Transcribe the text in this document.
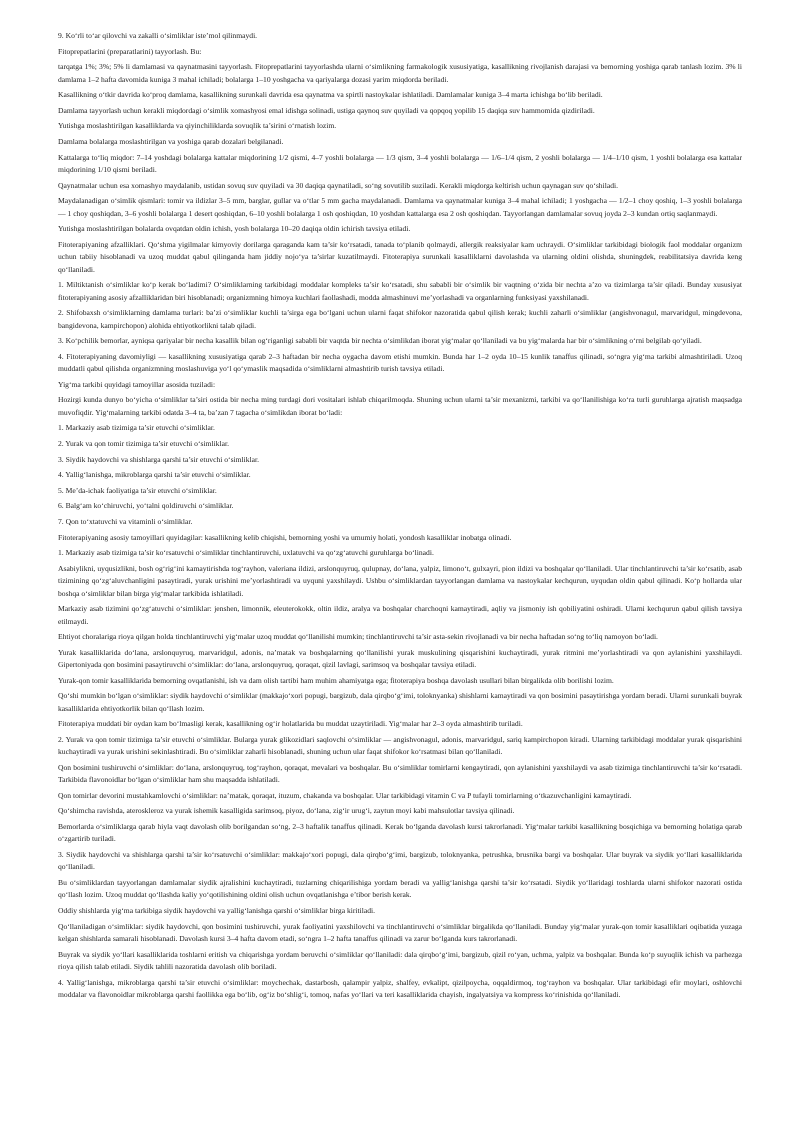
9. Ko‘rli to‘ar qilovchi va zakalli o‘simliklar iste’mol qilinmaydi.

Fitoprepatlarini (preparatlarini) tayyorlash. Bu:

tarqatga 1%; 3%; 5% li damlamasi va qaynatmasini tayyorlash. Fitoprepatlarini tayyorlashda ularni o‘simlikning farmakologik xususiyatiga, kasallikning rivojlanish darajasi va bemorning yoshiga qarab tanlash lozim. 3% li damlama 1–2 hafta davomida kuniga 3 mahal ichiladi; bolalarga 1–10 yoshgacha va qariyalarga dozasi yarim miqdorda beriladi.

Kasallikning o‘tkir davrida ko‘proq damlama, kasallikning surunkali davrida esa qaynatma va spirtli nastoykalar ishlatiladi. Damlamalar kuniga 3–4 marta ichishga bo‘lib beriladi.

Damlama tayyorlash uchun kerakli miqdordagi o‘simlik xomashyosi emal idishga solinadi, ustiga qaynoq suv quyiladi va qopqoq yopilib 15 daqiqa suv hammomida qizdiriladi.

Yutishga moslashtirilgan kasalliklarda va qiyinchiliklarda sovuqlik ta’sirini o‘rnatish lozim.

Damlama bolalarga moslashtirilgan va yoshiga qarab dozalari belgilanadi.

Kattalarga to‘liq miqdor: 7–14 yoshdagi bolalarga kattalar miqdorining 1/2 qismi, 4–7 yoshli bolalarga — 1/3 qism, 3–4 yoshli bolalarga — 1/6–1/4 qism, 2 yoshli bolalarga — 1/4–1/10 qism, 1 yoshli bolalarga esa kattalar miqdorining 1/10 qismi beriladi.

Qaynatmalar uchun esa xomashyo maydalanib, ustidan sovuq suv quyiladi va 30 daqiqa qaynatiladi, so‘ng sovutilib suziladi. Kerakli miqdorga keltirish uchun qaynagan suv qo‘shiladi.

Maydalanadigan o‘simlik qismlari: tomir va ildizlar 3–5 mm, barglar, gullar va o‘tlar 5 mm gacha maydalanadi. Damlama va qaynatmalar kuniga 3–4 mahal ichiladi; 1 yoshgacha — 1/2–1 choy qoshiq, 1–3 yoshli bolalarga — 1 choy qoshiqdan, 3–6 yoshli bolalarga 1 desert qoshiqdan, 6–10 yoshli bolalarga 1 osh qoshiqdan, 10 yoshdan kattalarga esa 2 osh qoshiqdan. Tayyorlangan damlamalar sovuq joyda 2–3 kundan ortiq saqlanmaydi.

Yutishga moslashtirilgan bolalarda ovqatdan oldin ichish, yosh bolalarga 10–20 daqiqa oldin ichirish tavsiya etiladi.

Fitoterapiyaning afzalliklari. Qo‘shma yigilmalar kimyoviy dorilarga qaraganda kam ta’sir ko‘rsatadi, tanada to‘planib qolmaydi, allergik reaksiyalar kam uchraydi. O‘simliklar tarkibidagi biologik faol moddalar organizm uchun tabiiy hisoblanadi va uzoq muddat qabul qilinganda ham jiddiy nojo‘ya ta’sirlar kuzatilmaydi. Fitoterapiya surunkali kasalliklarni davolashda va ularning oldini olishda, shuningdek, reabilitatsiya davrida keng qo‘llaniladi.

1. Miltiktanish o‘simliklar ko‘p kerak bo‘ladimi? O‘simliklarning tarkibidagi moddalar kompleks ta’sir ko‘rsatadi, shu sababli bir o‘simlik bir vaqtning o‘zida bir nechta a’zo va tizimlarga ta’sir qiladi. Bunday xususiyat fitoterapiyaning asosiy afzalliklaridan biri hisoblanadi; organizmning himoya kuchlari faollashadi, modda almashinuvi me’yorlashadi va organlarning funksiyasi yaxshilanadi.

2. Shifobaxsh o‘simliklarning damlama turlari: ba’zi o‘simliklar kuchli ta’sirga ega bo‘lgani uchun ularni faqat shifokor nazoratida qabul qilish kerak; kuchli zaharli o‘simliklar (angishvonagul, marvaridgul, mingdevona, bangidevona, kampirchopon) alohida ehtiyotkorlikni talab qiladi.

3. Ko‘pchilik bemorlar, ayniqsa qariyalar bir necha kasallik bilan og‘riganligi sababli bir vaqtda bir nechta o‘simlikdan iborat yig‘malar qo‘llaniladi va bu yig‘malarda har bir o‘simlikning o‘rni belgilab qo‘yiladi.

4. Fitoterapiyaning davomiyligi — kasallikning xususiyatiga qarab 2–3 haftadan bir necha oygacha davom etishi mumkin. Bunda har 1–2 oyda 10–15 kunlik tanaffus qilinadi, so‘ngra yig‘ma tarkibi almashtiriladi. Uzoq muddatli qabul qilishda organizmning moslashuviga yo‘l qo‘ymaslik maqsadida o‘simliklarni almashtirib turish tavsiya etiladi.

Yig‘ma tarkibi quyidagi tamoyillar asosida tuziladi:

Hozirgi kunda dunyo bo‘yicha o‘simliklar ta’siri ostida bir necha ming turdagi dori vositalari ishlab chiqarilmoqda. Shuning uchun ularni ta’sir mexanizmi, tarkibi va qo‘llanilishiga ko‘ra turli guruhlarga ajratish maqsadga muvofiqdir. Yig‘malarning tarkibi odatda 3–4 ta, ba’zan 7 tagacha o‘simlikdan iborat bo‘ladi:

1. Markaziy asab tizimiga ta’sir etuvchi o‘simliklar.

2. Yurak va qon tomir tizimiga ta’sir etuvchi o‘simliklar.

3. Siydik haydovchi va shishlarga qarshi ta’sir etuvchi o‘simliklar.

4. Yallig‘lanishga, mikroblarga qarshi ta’sir etuvchi o‘simliklar.

5. Me’da-ichak faoliyatiga ta’sir etuvchi o‘simliklar.

6. Balg‘am ko‘chiruvchi, yo‘talni qoldiruvchi o‘simliklar.

7. Qon to‘xtatuvchi va vitaminli o‘simliklar.

Fitoterapiyaning asosiy tamoyillari quyidagilar: kasallikning kelib chiqishi, bemorning yoshi va umumiy holati, yondosh kasalliklar inobatga olinadi.

1. Markaziy asab tizimiga ta’sir ko‘rsatuvchi o‘simliklar tinchlantiruvchi, uxlatuvchi va qo‘zg‘atuvchi guruhlarga bo‘linadi.

Asabiylikni, uyqusizlikni, bosh og‘rig‘ini kamaytirishda tog‘rayhon, valeriana ildizi, arslonquyruq, qulupnay, do‘lana, yalpiz, limono‘t, gulxayri, pion ildizi va boshqalar qo‘llaniladi. Ular tinchlantiruvchi ta’sir ko‘rsatib, asab tizimining qo‘zg‘aluvchanligini pasaytiradi, yurak urishini me’yorlashtiradi va uyquni yaxshilaydi. Ushbu o‘simliklardan tayyorlangan damlama va nastoykalar kechqurun, uyqudan oldin qabul qilinadi. Ko‘p hollarda ular boshqa o‘simliklar bilan birga yig‘malar tarkibida ishlatiladi.

Markaziy asab tizimini qo‘zg‘atuvchi o‘simliklar: jenshen, limonnik, eleuterokokk, oltin ildiz, aralya va boshqalar charchoqni kamaytiradi, aqliy va jismoniy ish qobiliyatini oshiradi. Ularni kechqurun qabul qilish tavsiya etilmaydi.

Ehtiyot choralariga rioya qilgan holda tinchlantiruvchi yig‘malar uzoq muddat qo‘llanilishi mumkin; tinchlantiruvchi ta’sir asta-sekin rivojlanadi va bir necha haftadan so‘ng to‘liq namoyon bo‘ladi.

Yurak kasalliklarida do‘lana, arslonquyruq, marvaridgul, adonis, na’matak va boshqalarning qo‘llanilishi yurak muskulining qisqarishini kuchaytiradi, yurak ritmini me’yorlashtiradi va qon aylanishini yaxshilaydi. Gipertoniyada qon bosimini pasaytiruvchi o‘simliklar: do‘lana, arslonquyruq, qoraqat, qizil lavlagi, sarimsoq va boshqalar tavsiya etiladi.

Yurak-qon tomir kasalliklarida bemorning ovqatlanishi, ish va dam olish tartibi ham muhim ahamiyatga ega; fitoterapiya boshqa davolash usullari bilan birgalikda olib borilishi lozim.

Qo‘shi mumkin bo‘lgan o‘simliklar: siydik haydovchi o‘simliklar (makkajo‘xori popugi, bargizub, dala qirqbo‘g‘imi, toloknyanka) shishlarni kamaytiradi va qon bosimini pasaytirishga yordam beradi. Ularni surunkali buyrak kasalliklarida ehtiyotkorlik bilan qo‘llash lozim.

Fitoterapiya muddati bir oydan kam bo‘lmasligi kerak, kasallikning og‘ir holatlarida bu muddat uzaytiriladi. Yig‘malar har 2–3 oyda almashtirib turiladi.

2. Yurak va qon tomir tizimiga ta’sir etuvchi o‘simliklar. Bularga yurak glikozidlari saqlovchi o‘simliklar — angishvonagul, adonis, marvaridgul, sariq kampirchopon kiradi. Ularning tarkibidagi moddalar yurak qisqarishini kuchaytiradi va yurak urishini sekinlashtiradi. Bu o‘simliklar zaharli hisoblanadi, shuning uchun ular faqat shifokor ko‘rsatmasi bilan qo‘llaniladi.

Qon bosimini tushiruvchi o‘simliklar: do‘lana, arslonquyruq, tog‘rayhon, qoraqat, mevalari va boshqalar. Bu o‘simliklar tomirlarni kengaytiradi, qon aylanishini yaxshilaydi va asab tizimiga tinchlantiruvchi ta’sir ko‘rsatadi. Tarkibida flavonoidlar bo‘lgan o‘simliklar ham shu maqsadda ishlatiladi.

Qon tomirlar devorini mustahkamlovchi o‘simliklar: na’matak, qoraqat, ituzum, chakanda va boshqalar. Ular tarkibidagi vitamin C va P tufayli tomirlarning o‘tkazuvchanligini kamaytiradi.

Qo‘shimcha ravishda, ateroskleroz va yurak ishemik kasalligida sarimsoq, piyoz, do‘lana, zig‘ir urug‘i, zaytun moyi kabi mahsulotlar tavsiya qilinadi.

Bemorlarda o‘simliklarga qarab hiyla vaqt davolash olib borilgandan so‘ng, 2–3 haftalik tanaffus qilinadi. Kerak bo‘lganda davolash kursi takrorlanadi. Yig‘malar tarkibi kasallikning bosqichiga va bemorning holatiga qarab o‘zgartirib turiladi.

3. Siydik haydovchi va shishlarga qarshi ta’sir ko‘rsatuvchi o‘simliklar: makkajo‘xori popugi, dala qirqbo‘g‘imi, bargizub, toloknyanka, petrushka, brusnika bargi va boshqalar. Ular buyrak va siydik yo‘llari kasalliklarida qo‘llaniladi.

Bu o‘simliklardan tayyorlangan damlamalar siydik ajralishini kuchaytiradi, tuzlarning chiqarilishiga yordam beradi va yallig‘lanishga qarshi ta’sir ko‘rsatadi. Siydik yo‘llaridagi toshlarda ularni shifokor nazorati ostida qo‘llash lozim. Uzoq muddat qo‘llashda kaliy yo‘qotilishining oldini olish uchun ovqatlanishga e’tibor berish kerak.

Oddiy shishlarda yig‘ma tarkibiga siydik haydovchi va yallig‘lanishga qarshi o‘simliklar birga kiritiladi.

Qo‘llaniladigan o‘simliklar: siydik haydovchi, qon bosimini tushiruvchi, yurak faoliyatini yaxshilovchi va tinchlantiruvchi o‘simliklar birgalikda qo‘llaniladi. Bunday yig‘malar yurak-qon tomir kasalliklari oqibatida yuzaga kelgan shishlarda samarali hisoblanadi. Davolash kursi 3–4 hafta davom etadi, so‘ngra 1–2 hafta tanaffus qilinadi va zarur bo‘lganda kurs takrorlanadi.

Buyrak va siydik yo‘llari kasalliklarida toshlarni eritish va chiqarishga yordam beruvchi o‘simliklar qo‘llaniladi: dala qirqbo‘g‘imi, bargizub, qizil ro‘yan, uchma, yalpiz va boshqalar. Bunda ko‘p suyuqlik ichish va parhezga rioya qilish talab etiladi. Siydik tahlili nazoratida davolash olib boriladi.

4. Yallig‘lanishga, mikroblarga qarshi ta’sir etuvchi o‘simliklar: moychechak, dastarbosh, qalampir yalpiz, shalfey, evkalipt, qizilpoycha, oqqaldirmoq, tog‘rayhon va boshqalar. Ular tarkibidagi efir moylari, oshlovchi moddalar va flavonoidlar mikroblarga qarshi faollikka ega bo‘lib, og‘iz bo‘shlig‘i, tomoq, nafas yo‘llari va teri kasalliklarida chayish, ingalyatsiya va kompress ko‘rinishida qo‘llaniladi.
